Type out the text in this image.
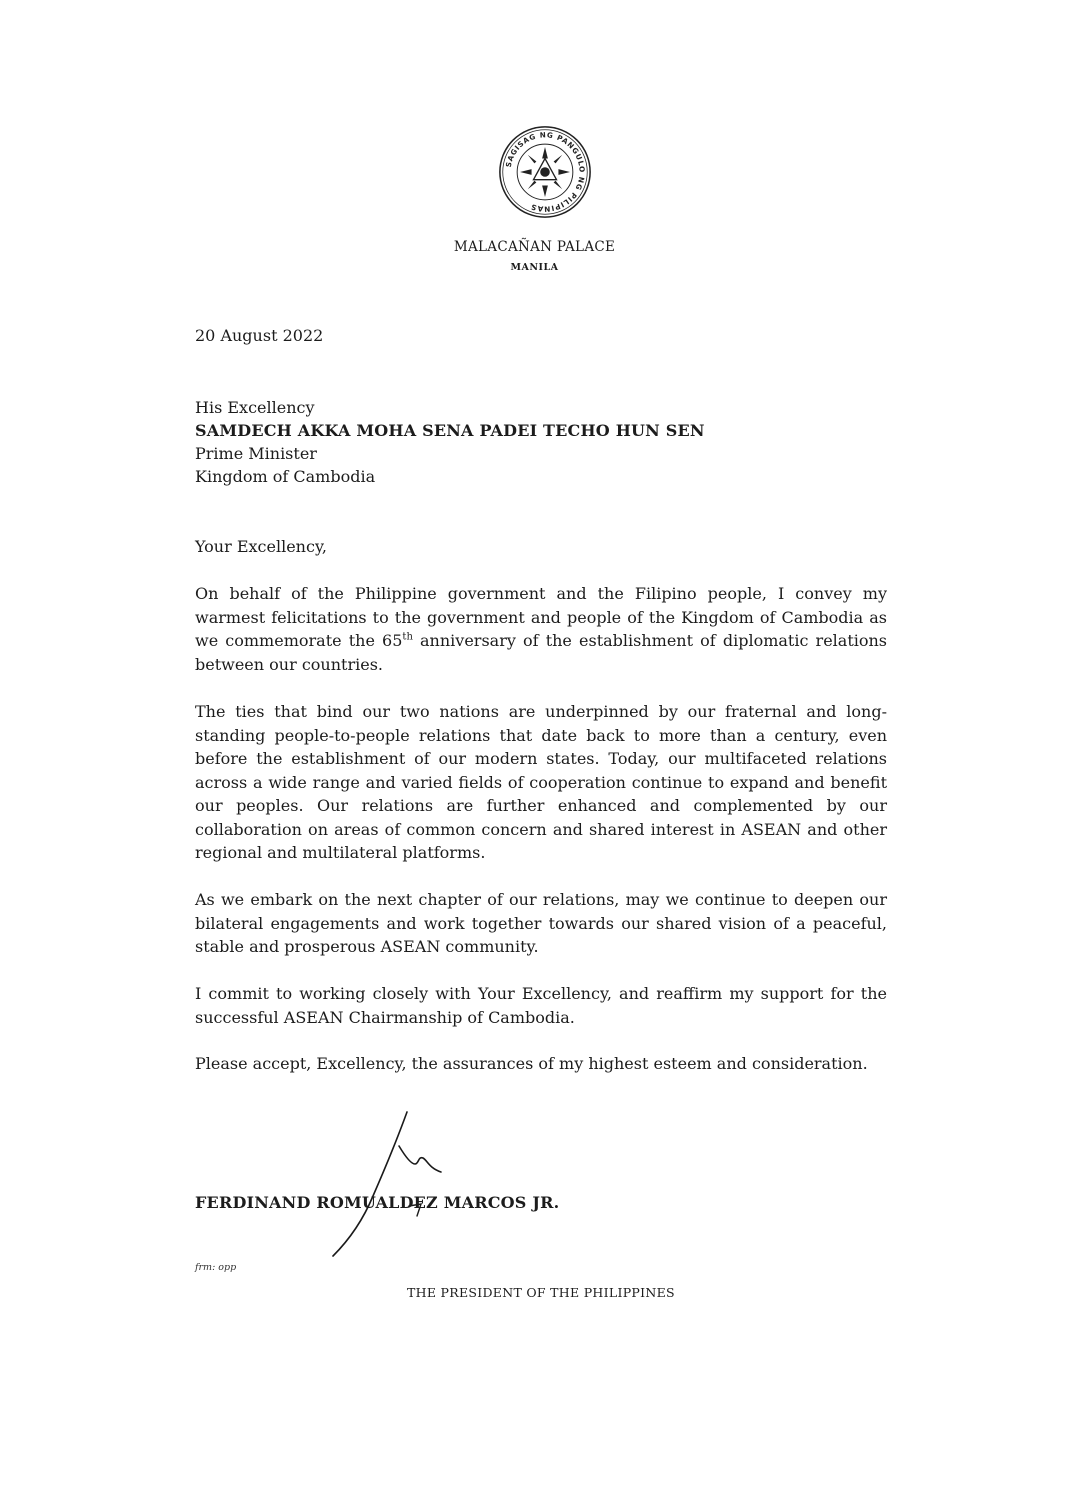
SAGISAG NG PANGULO NG PILIPINAS
MALACAÑAN PALACE
MANILA
20 August 2022
His Excellency
SAMDECH AKKA MOHA SENA PADEI TECHO HUN SEN
Prime Minister
Kingdom of Cambodia
Your Excellency,

On behalf of the Philippine government and the Filipino people, I convey my warmest felicitations to the government and people of the Kingdom of Cambodia as we commemorate the 65th anniversary of the establishment of diplomatic relations between our countries.

The ties that bind our two nations are underpinned by our fraternal and long-standing people-to-people relations that date back to more than a century, even before the establishment of our modern states. Today, our multifaceted relations across a wide range and varied fields of cooperation continue to expand and benefit our peoples. Our relations are further enhanced and complemented by our collaboration on areas of common concern and shared interest in ASEAN and other regional and multilateral platforms.

As we embark on the next chapter of our relations, may we continue to deepen our bilateral engagements and work together towards our shared vision of a peaceful, stable and prosperous ASEAN community.

I commit to working closely with Your Excellency, and reaffirm my support for the successful ASEAN Chairmanship of Cambodia.

Please accept, Excellency, the assurances of my highest esteem and consideration.

FERDINAND ROMUALDEZ MARCOS JR.
frm: opp
THE PRESIDENT OF THE PHILIPPINES
